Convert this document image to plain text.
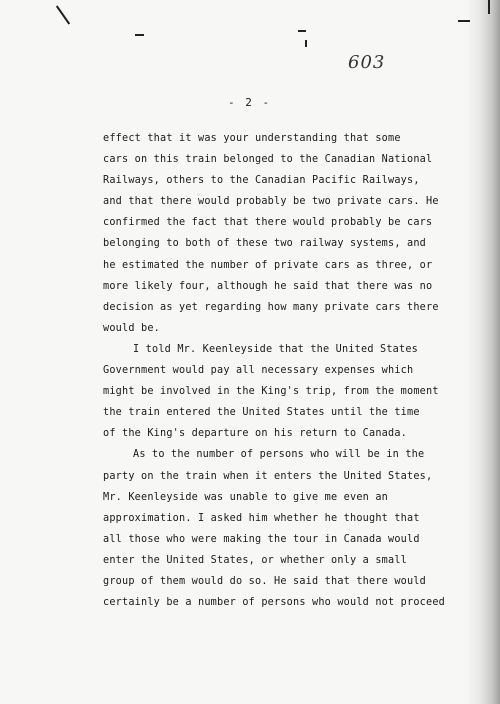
603
- 2 -
effect that it was your understanding that some
cars on this train belonged to the Canadian National
Railways, others to the Canadian Pacific Railways,
and that there would probably be two private cars. He
confirmed the fact that there would probably be cars
belonging to both of these two railway systems, and
he estimated the number of private cars as three, or
more likely four, although he said that there was no
decision as yet regarding how many private cars there
would be.
I told Mr. Keenleyside that the United States
Government would pay all necessary expenses which
might be involved in the King's trip, from the moment
the train entered the United States until the time
of the King's departure on his return to Canada.
As to the number of persons who will be in the
party on the train when it enters the United States,
Mr. Keenleyside was unable to give me even an
approximation. I asked him whether he thought that
all those who were making the tour in Canada would
enter the United States, or whether only a small
group of them would do so. He said that there would
certainly be a number of persons who would not proceed
